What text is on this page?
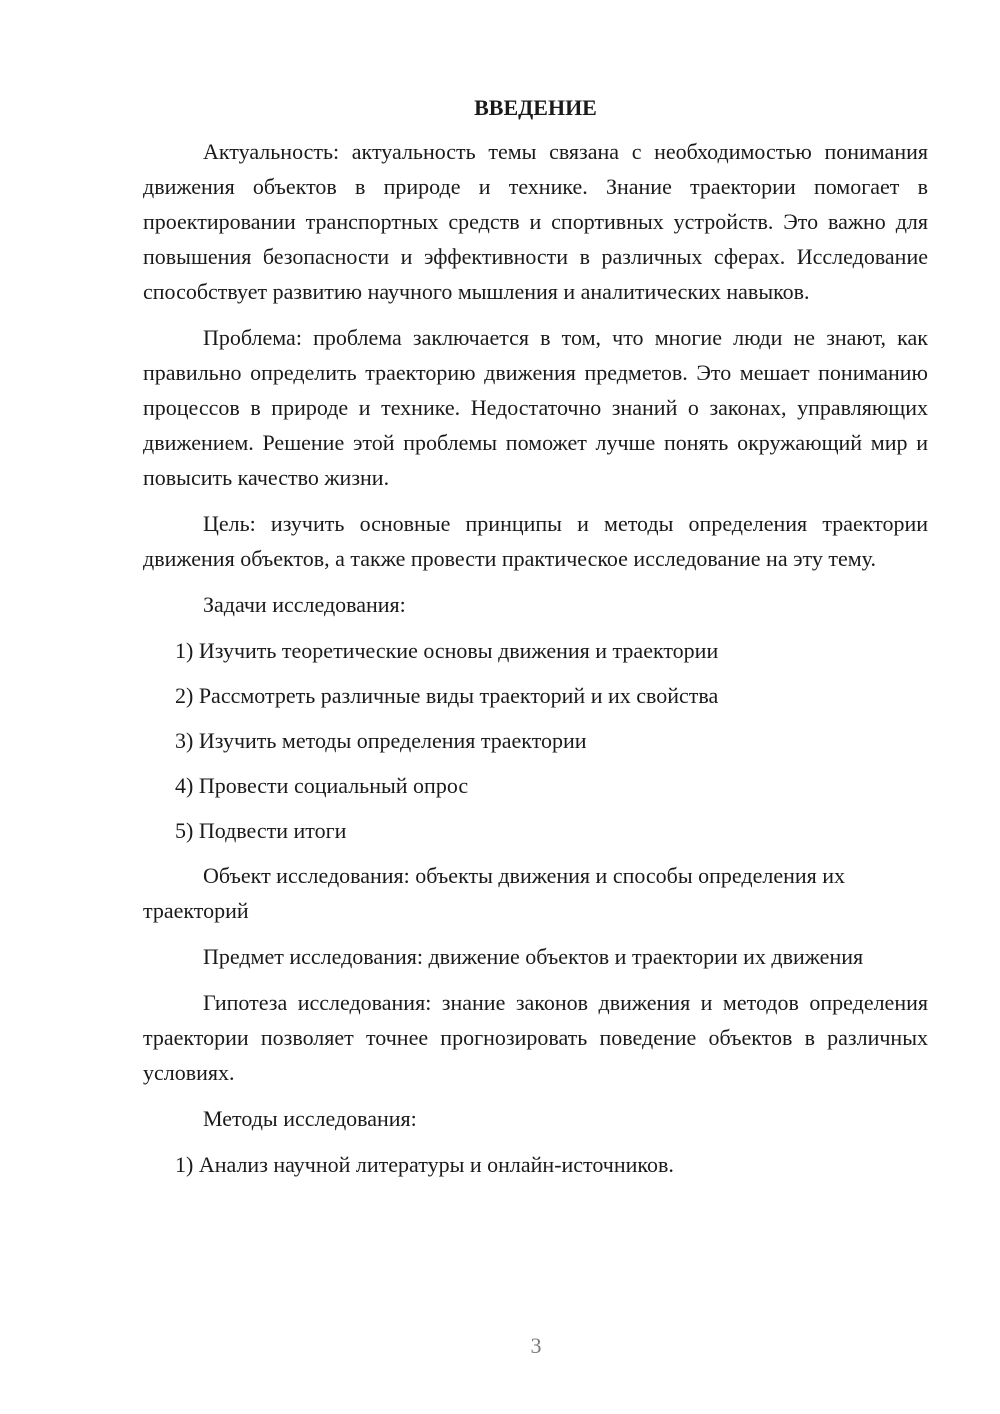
ВВЕДЕНИЕ

Актуальность: актуальность темы связана с необходимостью понимания движения объектов в природе и технике. Знание траектории помогает в проектировании транспортных средств и спортивных устройств. Это важно для повышения безопасности и эффективности в различных сферах. Исследование способствует развитию научного мышления и аналитических навыков.

Проблема: проблема заключается в том, что многие люди не знают, как правильно определить траекторию движения предметов. Это мешает пониманию процессов в природе и технике. Недостаточно знаний о законах, управляющих движением. Решение этой проблемы поможет лучше понять окружающий мир и повысить качество жизни.

Цель: изучить основные принципы и методы определения траектории движения объектов, а также провести практическое исследование на эту тему.

Задачи исследования:

1) Изучить теоретические основы движения и траектории
2) Рассмотреть различные виды траекторий и их свойства
3) Изучить методы определения траектории
4) Провести социальный опрос
5) Подвести итоги

Объект исследования: объекты движения и способы определения их траекторий

Предмет исследования: движение объектов и траектории их движения

Гипотеза исследования: знание законов движения и методов определения траектории позволяет точнее прогнозировать поведение объектов в различных условиях.

Методы исследования:

1) Анализ научной литературы и онлайн-источников.
3
